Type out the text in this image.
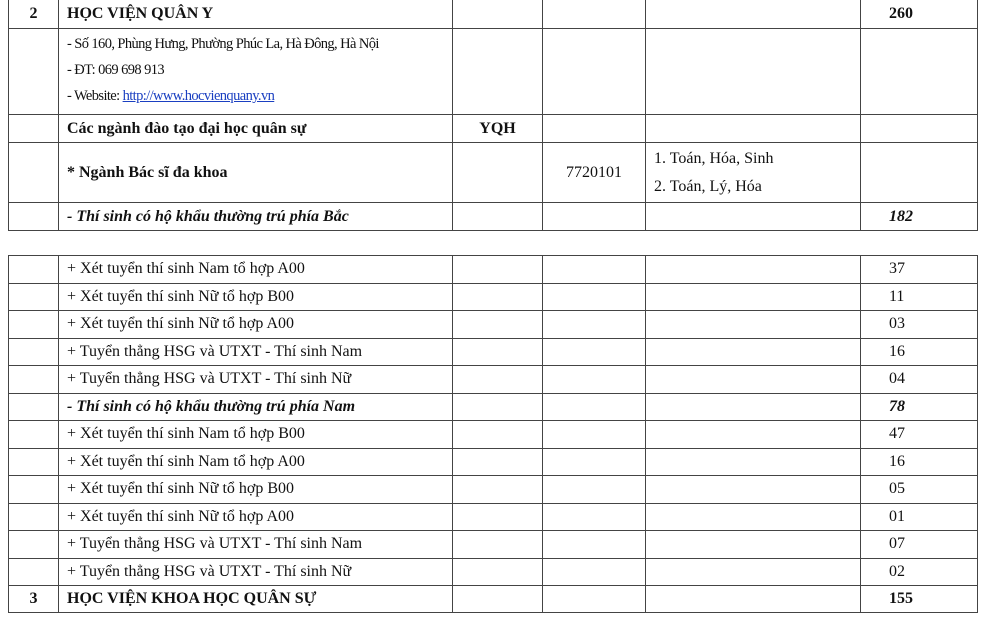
2	HỌC VIỆN QUÂN Y				260

	- Số 160, Phùng Hưng, Phường Phúc La, Hà Đông, Hà Nội
- ĐT: 069 698 913
- Website: http://www.hocvienquany.vn				

	Các ngành đào tạo đại học quân sự	YQH			
	* Ngành Bác sĩ đa khoa		7720101	1. Toán, Hóa, Sinh
2. Toán, Lý, Hóa	

	- Thí sinh có hộ khẩu thường trú phía Bắc				182
	+ Xét tuyển thí sinh Nam tổ hợp A00				37
	+ Xét tuyển thí sinh Nữ tổ hợp B00				11
	+ Xét tuyển thí sinh Nữ tổ hợp A00				03
	+ Tuyển thẳng HSG và UTXT - Thí sinh Nam				16
	+ Tuyển thẳng HSG và UTXT - Thí sinh Nữ				04
	- Thí sinh có hộ khẩu thường trú phía Nam				78
	+ Xét tuyển thí sinh Nam tổ hợp B00				47
	+ Xét tuyển thí sinh Nam tổ hợp A00				16
	+ Xét tuyển thí sinh Nữ tổ hợp B00				05
	+ Xét tuyển thí sinh Nữ tổ hợp A00				01
	+ Tuyển thẳng HSG và UTXT - Thí sinh Nam				07
	+ Tuyển thẳng HSG và UTXT - Thí sinh Nữ				02
3	HỌC VIỆN KHOA HỌC QUÂN SỰ				155
